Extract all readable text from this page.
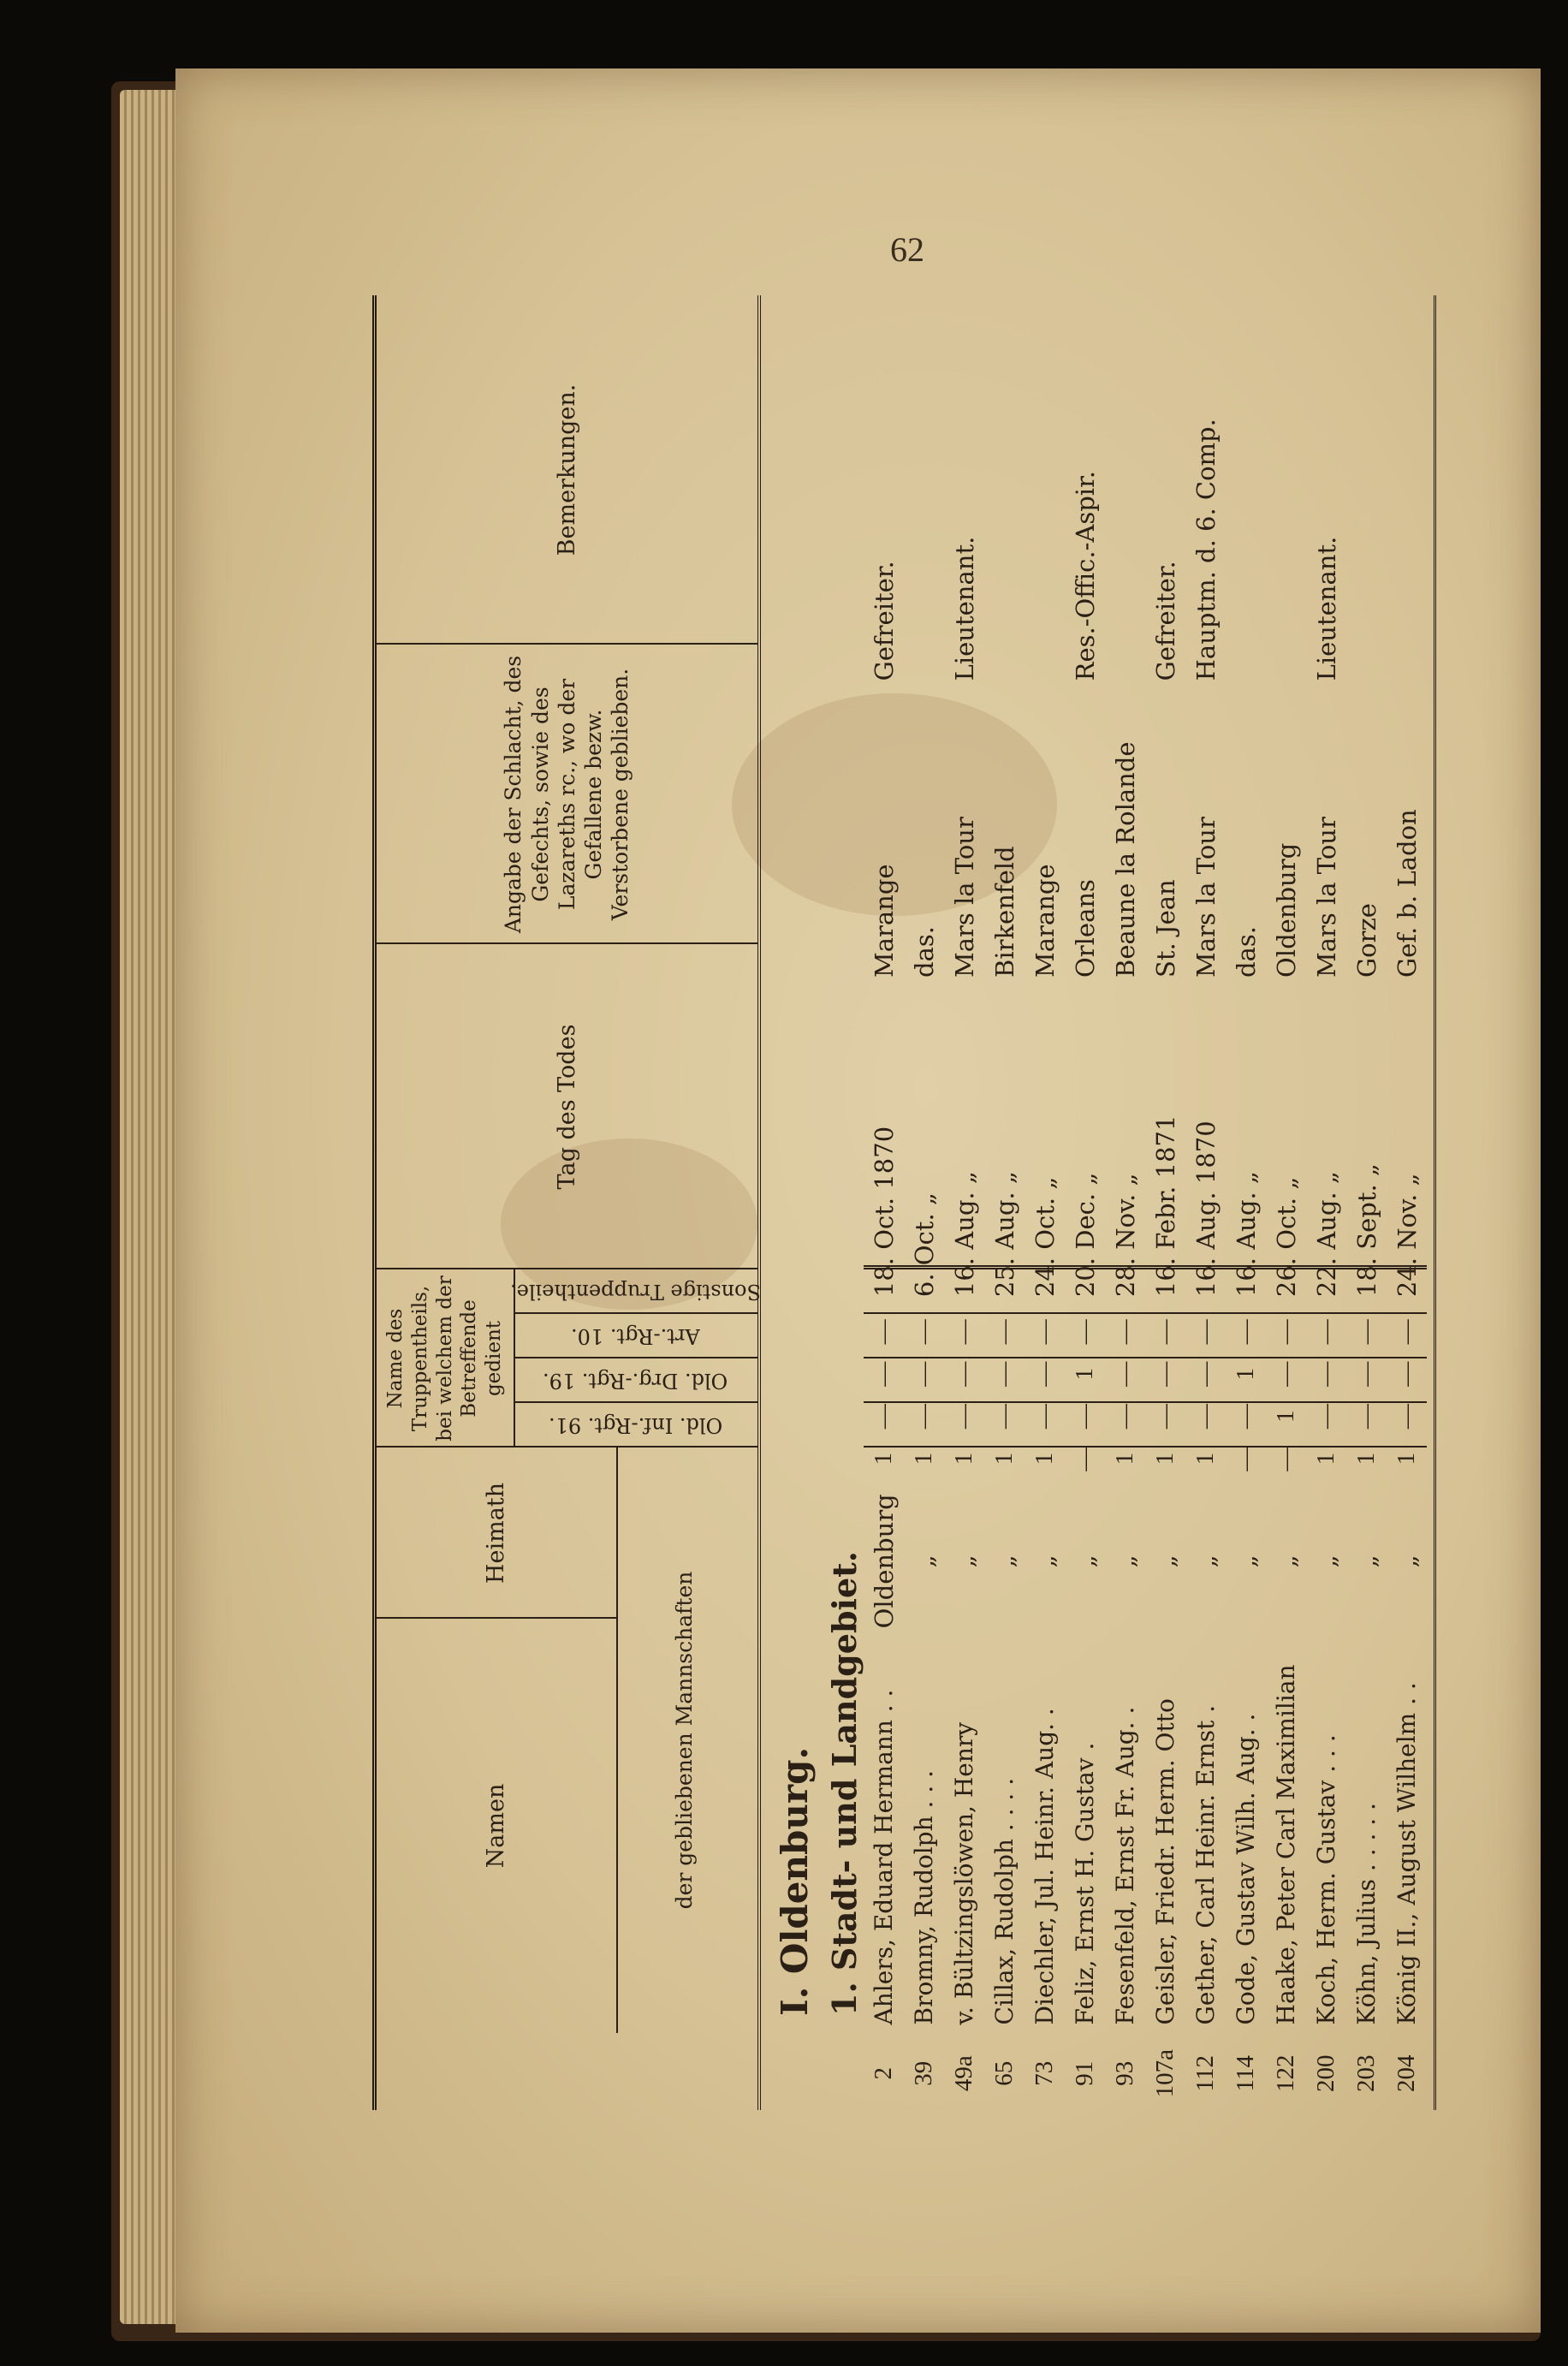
62
Namen
Heimath
der gebliebenen Mannschaften
Name des Truppentheils, bei welchem der Betreffende gedient
Old. Inf.-Rgt. 91.
Old. Drg.-Rgt. 19.
Art.-Rgt. 10.
Sonstige Truppentheile.
Tag des Todes
Angabe der Schlacht, des Gefechts, sowie des Lazareths rc., wo der Gefallene bezw. Verstorbene geblieben.
Bemerkungen.
I. Oldenburg. 1. Stadt- und Landgebiet.
2
Ahlers, Eduard Hermann . .
Oldenburg
1
—
—
—
18. Oct. 1870
Marange
Gefreiter.
39
Bromny, Rudolph . . .
„
1
—
—
—
6. Oct. „
das.
49a
v. Bültzingslöwen, Henry
„
1
—
—
—
16. Aug. „
Mars la Tour
Lieutenant.
65
Cillax, Rudolph . . . .
„
1
—
—
—
25. Aug. „
Birkenfeld
73
Diechler, Jul. Heinr. Aug. .
„
1
—
—
—
24. Oct. „
Marange
91
Feliz, Ernst H. Gustav .
„
—
—
1
—
20. Dec. „
Orleans
Res.-Offic.-Aspir.
93
Fesenfeld, Ernst Fr. Aug. .
„
1
—
—
—
28. Nov. „
Beaune la Rolande
107a
Geisler, Friedr. Herm. Otto
„
1
—
—
—
16. Febr. 1871
St. Jean
Gefreiter.
112
Gether, Carl Heinr. Ernst .
„
1
—
—
—
16. Aug. 1870
Mars la Tour
Hauptm. d. 6. Comp.
114
Gode, Gustav Wilh. Aug. .
„
—
—
1
—
16. Aug. „
das.
122
Haake, Peter Carl Maximilian
„
—
1
—
—
26. Oct. „
Oldenburg
200
Koch, Herm. Gustav . . .
„
1
—
—
—
22. Aug. „
Mars la Tour
Lieutenant.
203
Köhn, Julius . . . . .
„
1
—
—
—
18. Sept. „
Gorze
204
König II., August Wilhelm . .
„
1
—
—
—
24. Nov. „
Gef. b. Ladon
